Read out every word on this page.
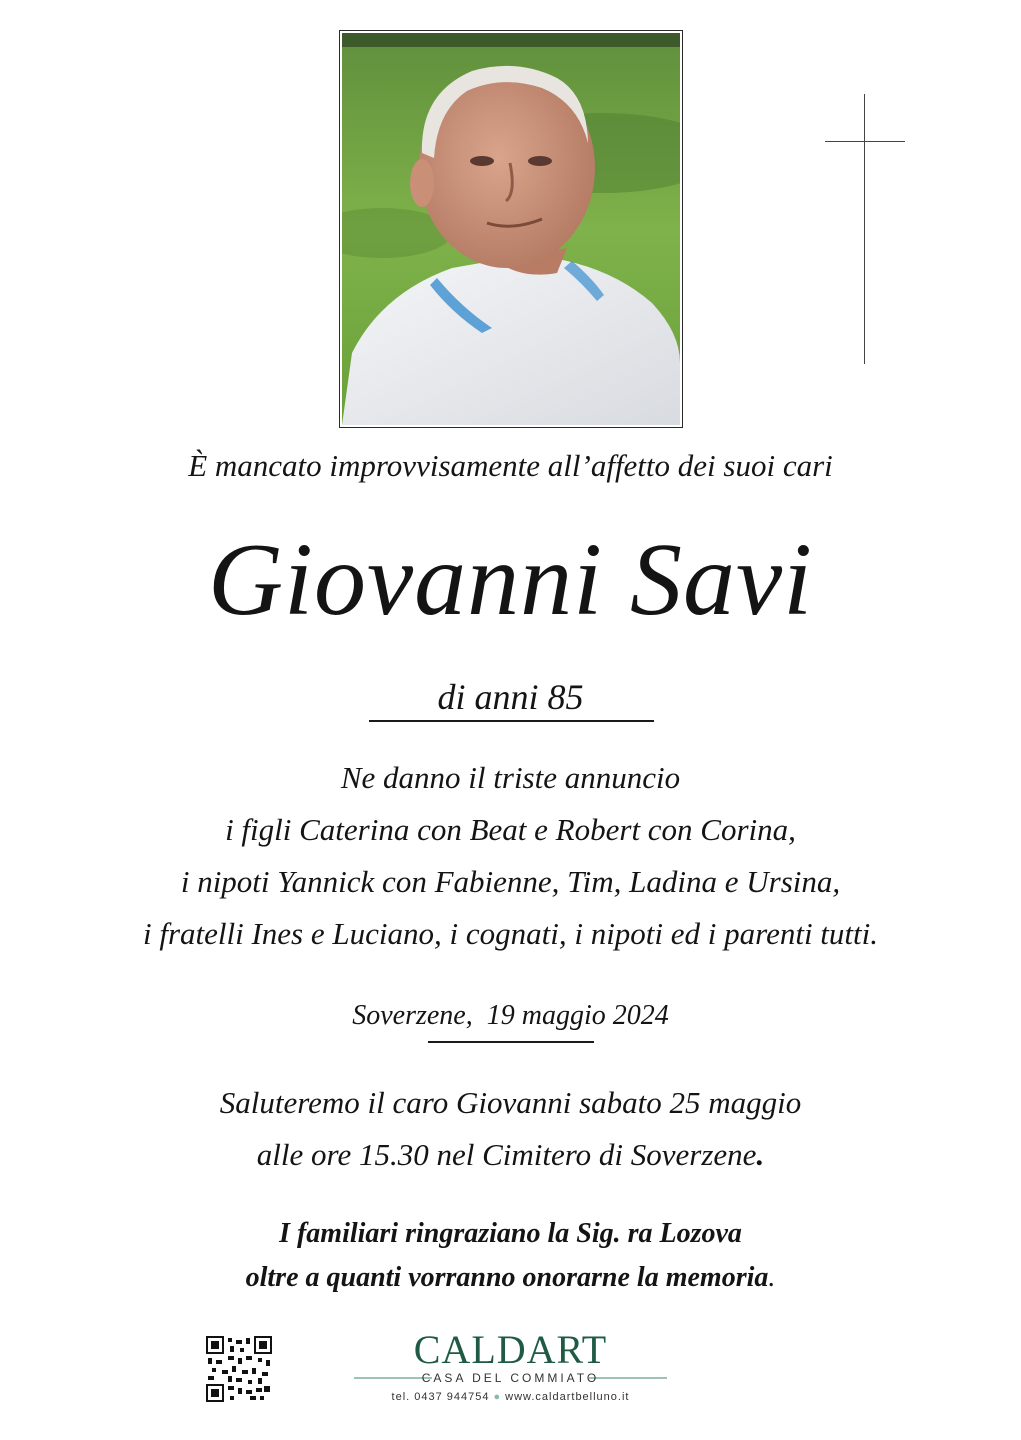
È mancato improvvisamente all’affetto dei suoi cari
Giovanni Savi
di anni 85
Ne danno il triste annuncio
i figli Caterina con Beat e Robert con Corina,
i nipoti Yannick con Fabienne, Tim, Ladina e Ursina,
i fratelli Ines e Luciano, i cognati, i nipoti ed i parenti tutti.
Soverzene,  19 maggio 2024
Saluteremo il caro Giovanni sabato 25 maggio
alle ore 15.30 nel Cimitero di Soverzene.
I familiari ringraziano la Sig. ra Lozova
oltre a quanti vorranno onorarne la memoria.
CALDART
CASA DEL COMMIATO
tel. 0437 944754 ● www.caldartbelluno.it
